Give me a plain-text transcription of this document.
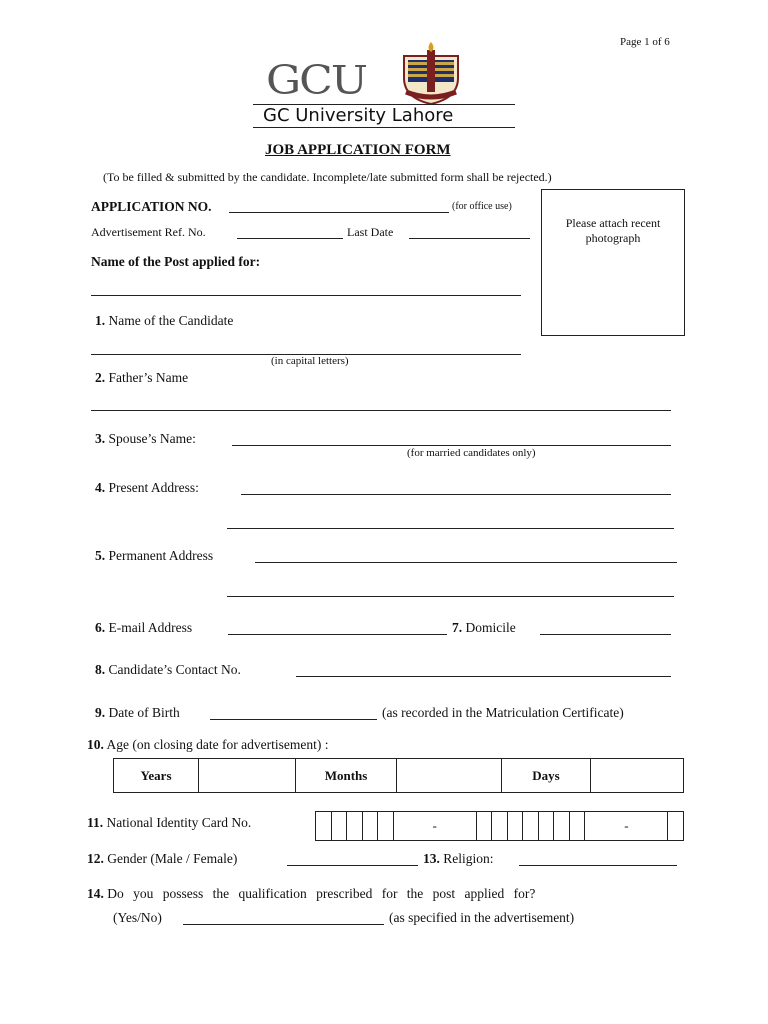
Page 1 of 6
GCU
GC University Lahore
JOB APPLICATION FORM
(To be filled & submitted by the candidate. Incomplete/late submitted form shall be rejected.)
APPLICATION NO.	(for office use)
Advertisement Ref. No.	Last Date
Please attach recent photograph
Name of the Post applied for:
1. Name of the Candidate
(in capital letters)
2. Father’s Name
3. Spouse’s Name:
(for married candidates only)
4. Present Address:
5. Permanent Address
6. E-mail Address	7. Domicile
8. Candidate’s Contact No.
9. Date of Birth	(as recorded in the Matriculation Certificate)
10. Age (on closing date for advertisement) :
Years		Months		Days	
11. National Identity Card No.
						-								-	
12. Gender (Male / Female)	13. Religion:
14. Do you possess the qualification prescribed for the post applied for?
(Yes/No)	(as specified in the advertisement)
